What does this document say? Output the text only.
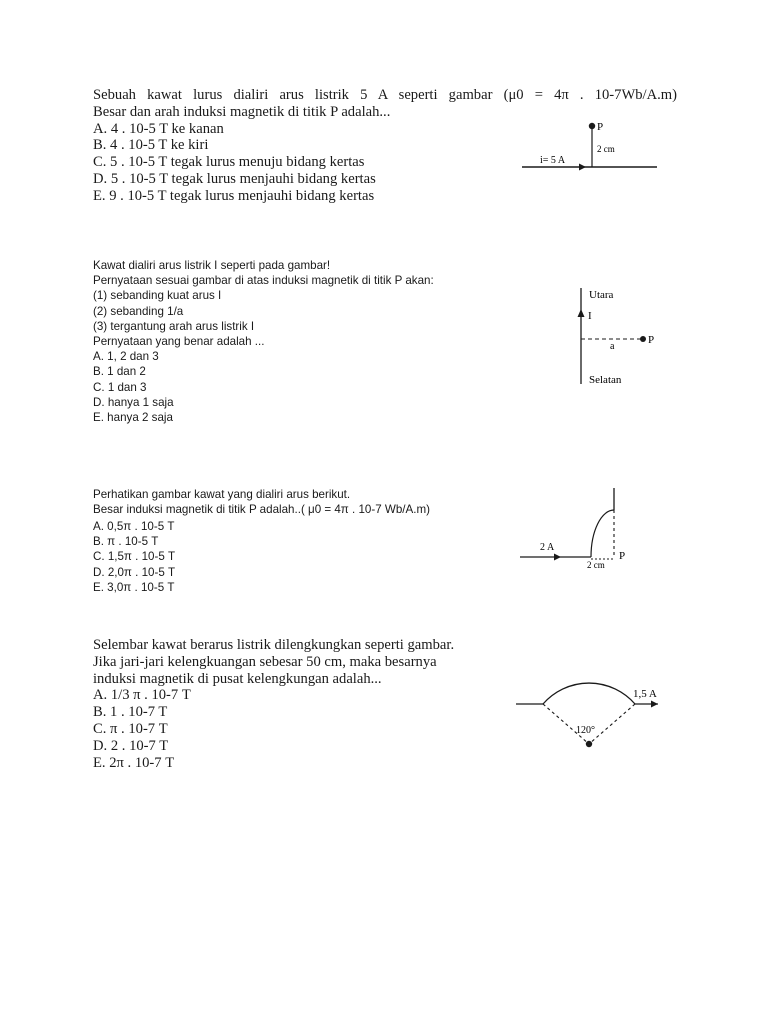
Sebuah kawat lurus dialiri arus listrik 5 A seperti gambar (μ0 = 4π . 10-7Wb/A.m)
Besar dan arah induksi magnetik di titik P adalah...
A. 4 . 10-5 T ke kanan
B. 4 . 10-5 T ke kiri
C. 5 . 10-5 T tegak lurus menuju bidang kertas
D. 5 . 10-5 T tegak lurus menjauhi bidang kertas
E. 9 . 10-5 T tegak lurus menjauhi bidang kertas
P
2 cm
i= 5 A
Kawat dialiri arus listrik I seperti pada gambar!
Pernyataan sesuai gambar di atas induksi magnetik di titik P akan:
(1) sebanding kuat arus I
(2) sebanding 1/a
(3) tergantung arah arus listrik I
Pernyataan yang benar adalah ...
A. 1, 2 dan 3
B. 1 dan 2
C. 1 dan 3
D. hanya 1 saja
E. hanya 2 saja
Utara
I
a
P
Selatan
Perhatikan gambar kawat yang dialiri arus berikut.
Besar induksi magnetik di titik P adalah..( μ0 = 4π . 10-7 Wb/A.m)
A. 0,5π . 10-5 T
B. π . 10-5 T
C. 1,5π . 10-5 T
D. 2,0π . 10-5 T
E. 3,0π . 10-5 T
2 A
P
2 cm
Selembar kawat berarus listrik dilengkungkan seperti gambar.
Jika jari-jari kelengkuangan sebesar 50 cm, maka besarnya
induksi magnetik di pusat kelengkungan adalah...
A. 1/3 π . 10-7 T
B. 1 . 10-7 T
C. π . 10-7 T
D. 2 . 10-7 T
E. 2π . 10-7 T
1,5 A
120°
